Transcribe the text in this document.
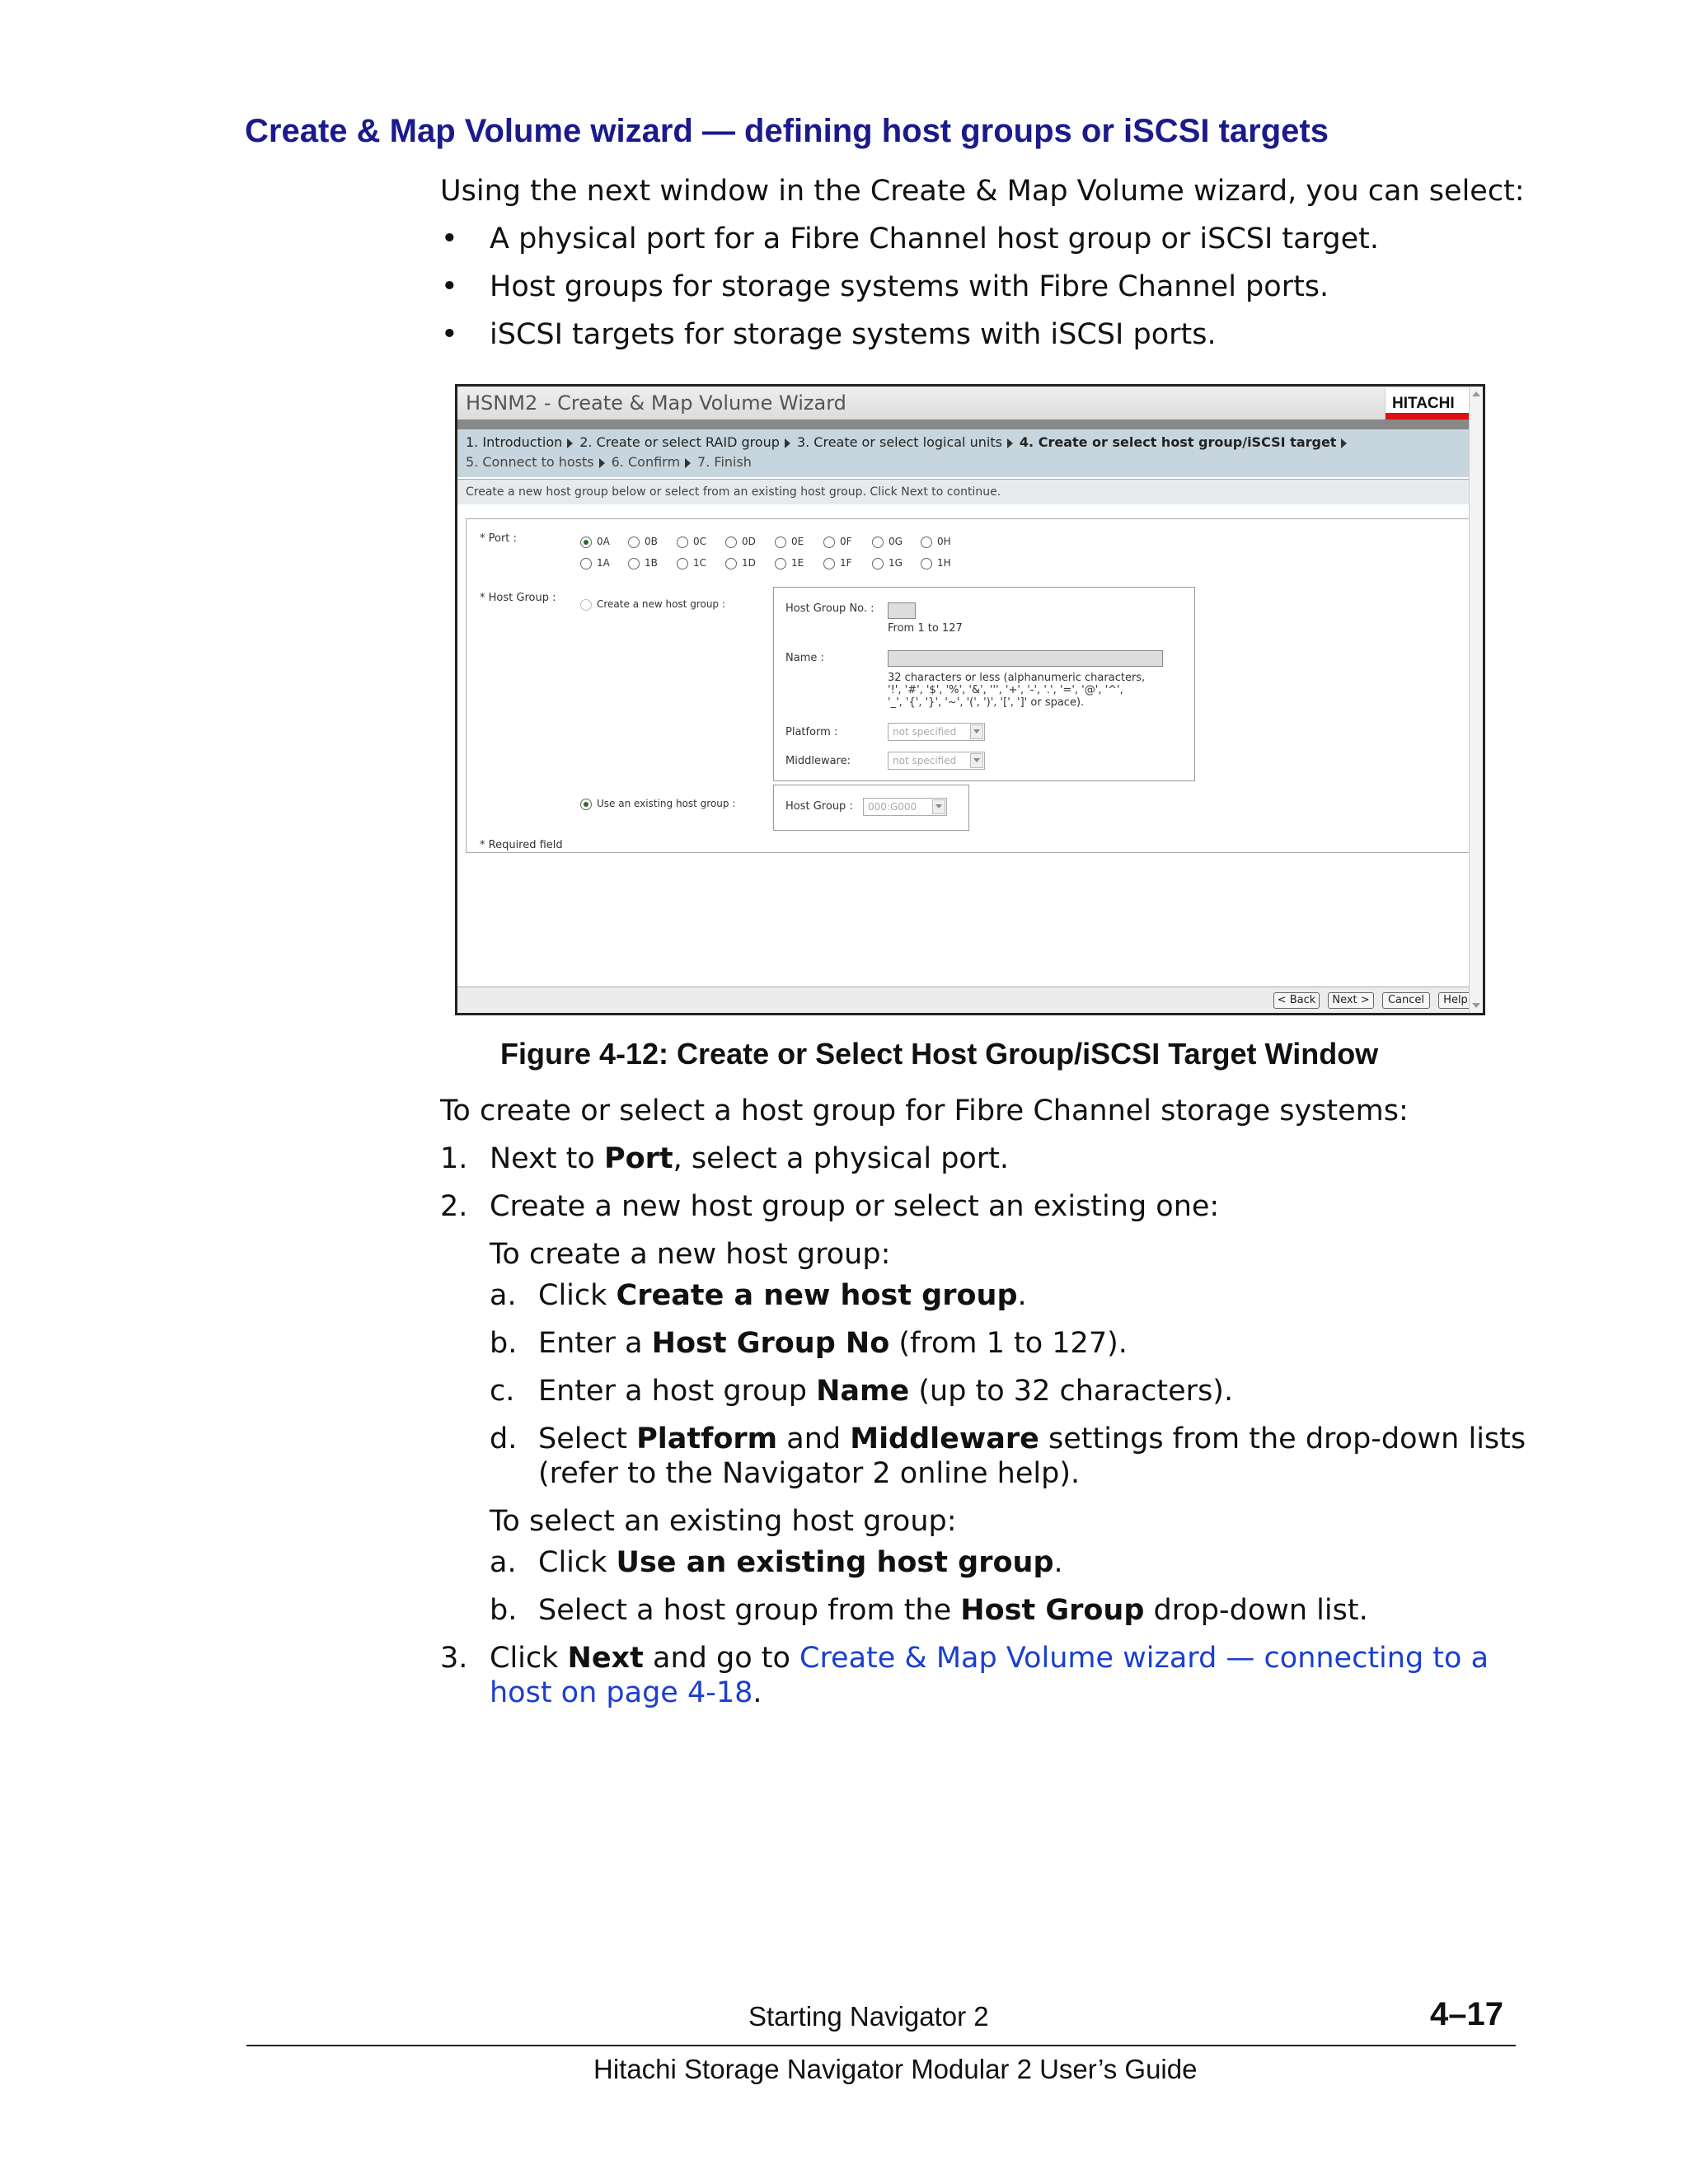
Create & Map Volume wizard — defining host groups or iSCSI targets
Using the next window in the Create & Map Volume wizard, you can select:
• A physical port for a Fibre Channel host group or iSCSI target.
• Host groups for storage systems with Fibre Channel ports.
• iSCSI targets for storage systems with iSCSI ports.
HSNM2 - Create & Map Volume Wizard	HITACHI
1. Introduction 2. Create or select RAID group 3. Create or select logical units 4. Create or select host group/iSCSI target
5. Connect to hosts 6. Confirm 7. Finish
Create a new host group below or select from an existing host group. Click Next to continue.
* Port :	0A	0B	0C	0D	0E	0F	0G	0H
1A	1B	1C	1D	1E	1F	1G	1H
* Host Group :	Create a new host group :	Host Group No. :
From 1 to 127
Name :
32 characters or less (alphanumeric characters,
'!', '#', '$', '%', '&', ''', '+', '-', '.', '=', '@', '^',
'_', '{', '}', '~', '(', ')', '[', ']' or space).
Platform :	not specified
Middleware:	not specified
Use an existing host group :	Host Group : 000:G000
* Required field
< Back	Next >	Cancel	Help
Figure 4-12: Create or Select Host Group/iSCSI Target Window
To create or select a host group for Fibre Channel storage systems:
1. Next to Port, select a physical port.
2. Create a new host group or select an existing one:
To create a new host group:
a. Click Create a new host group.
b. Enter a Host Group No (from 1 to 127).
c. Enter a host group Name (up to 32 characters).
d. Select Platform and Middleware settings from the drop-down lists
(refer to the Navigator 2 online help).
To select an existing host group:
a. Click Use an existing host group.
b. Select a host group from the Host Group drop-down list.
3. Click Next and go to Create & Map Volume wizard — connecting to a
host on page 4-18.
Starting Navigator 2	4–17
Hitachi Storage Navigator Modular 2 User’s Guide
